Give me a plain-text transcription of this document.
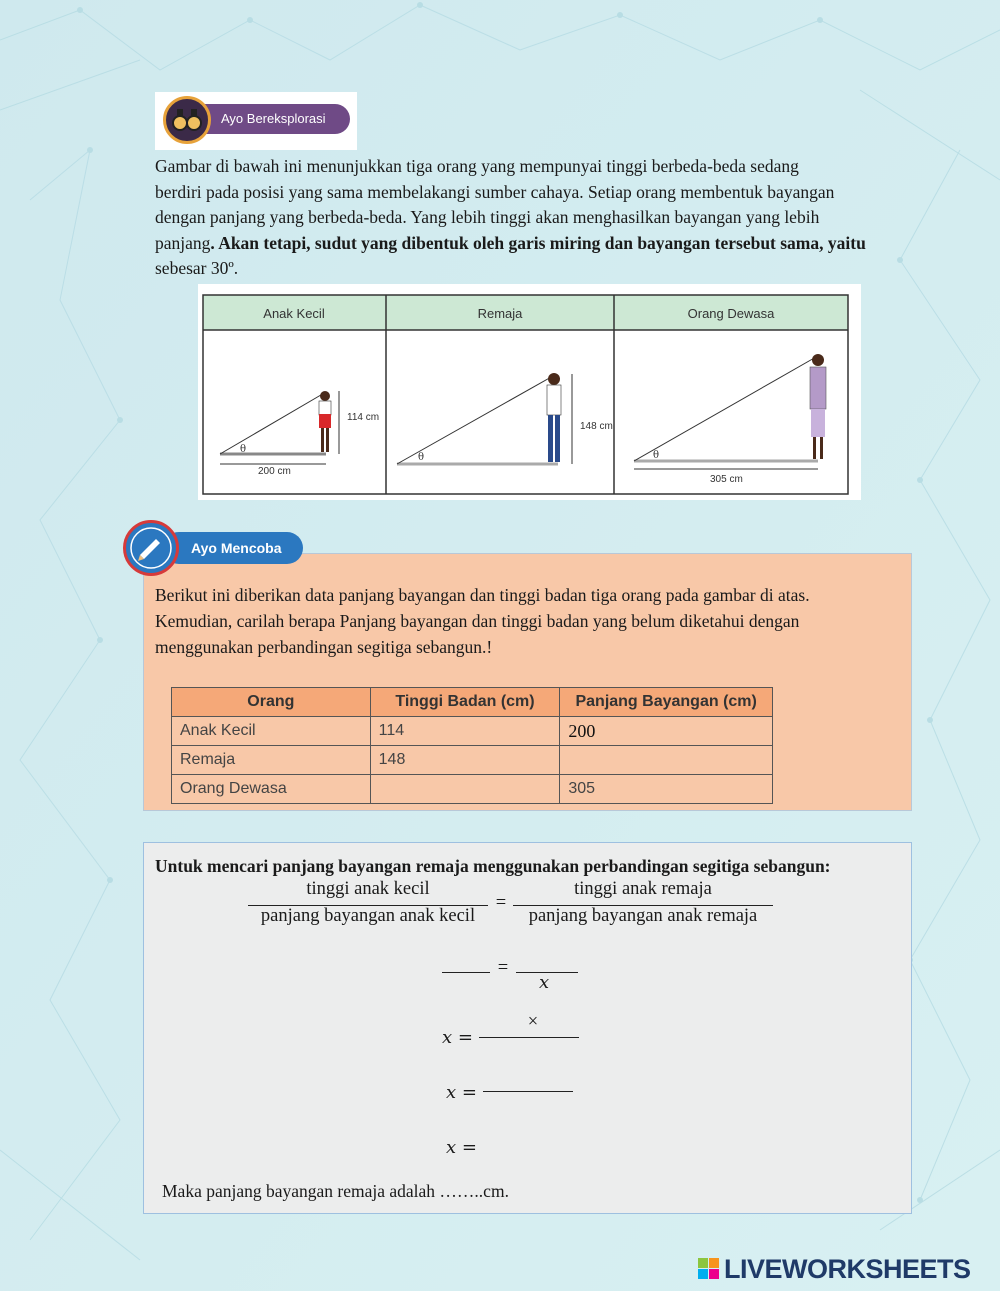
Ayo Bereksplorasi
Gambar di bawah ini menunjukkan tiga orang yang mempunyai tinggi berbeda-beda sedang
berdiri pada posisi yang sama membelakangi sumber cahaya. Setiap orang membentuk bayangan
dengan panjang yang berbeda-beda. Yang lebih tinggi akan menghasilkan bayangan yang lebih
panjang. Akan tetapi, sudut yang dibentuk oleh garis miring dan bayangan tersebut sama, yaitu
sebesar 30º.
Anak Kecil	Remaja	Orang Dewasa
θ
114 cm
200 cm
θ
148 cm
θ
305 cm
Ayo Mencoba
Berikut ini diberikan data panjang bayangan dan tinggi badan tiga orang pada gambar di atas.
Kemudian, carilah berapa Panjang bayangan dan tinggi badan yang belum diketahui dengan
menggunakan perbandingan segitiga sebangun.!
Orang	Tinggi Badan (cm)	Panjang Bayangan (cm)
Anak Kecil	114	200
Remaja	148	
Orang Dewasa		305
Untuk mencari panjang bayangan remaja menggunakan perbandingan segitiga sebangun:
tinggi anak kecil
panjang bayangan anak kecil
=
tinggi anak remaja
panjang bayangan anak remaja
=
x
x =
×
x =
x =
Maka panjang bayangan remaja adalah ……..cm.
LIVEWORKSHEETS
